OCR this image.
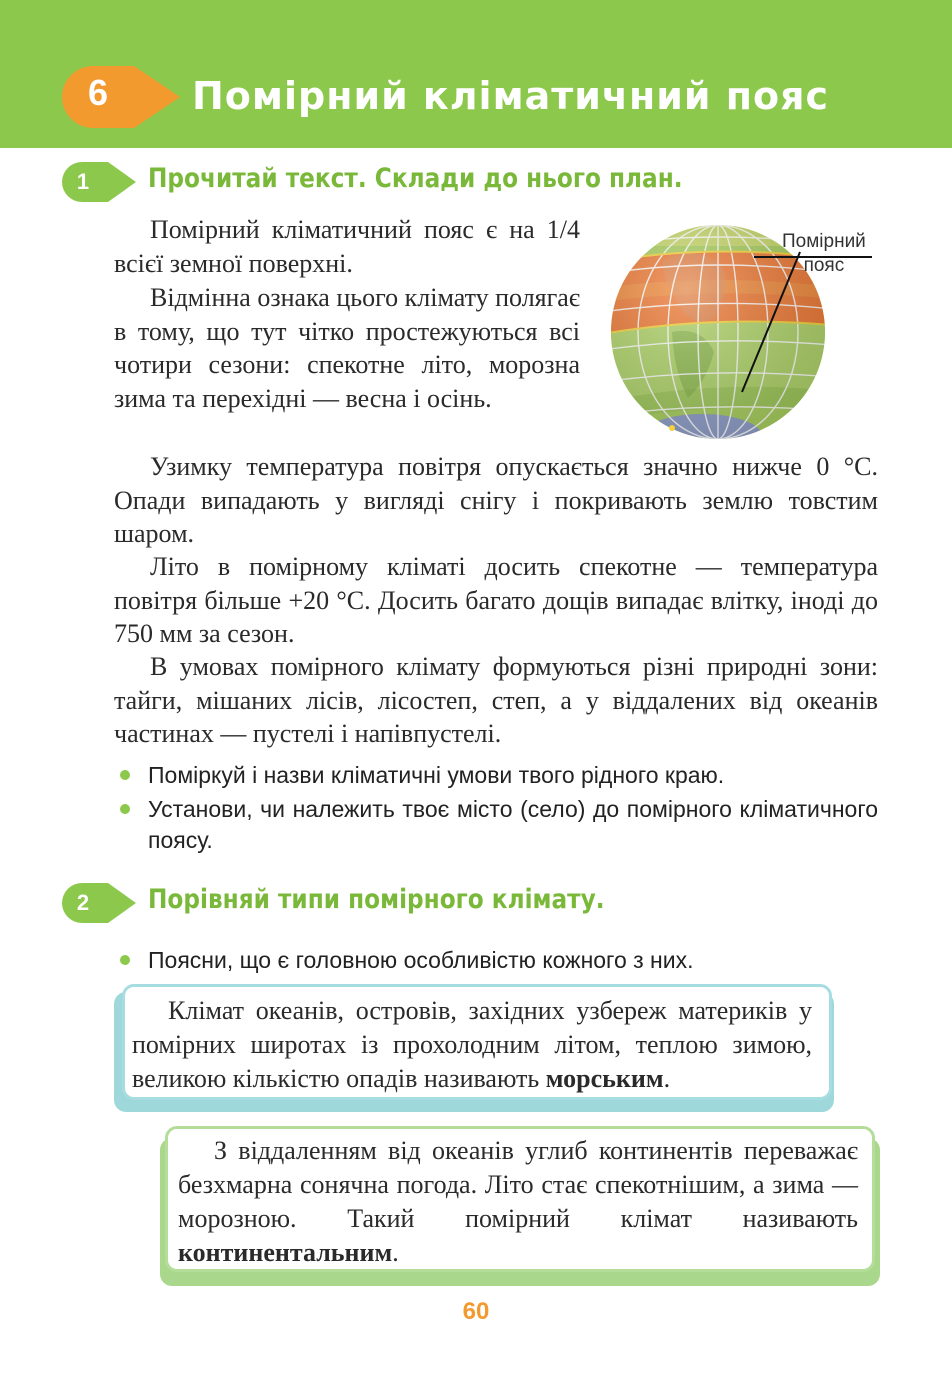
6 Помірний кліматичний пояс
1	Прочитай текст. Склади до нього план.
Помірний
пояс

Помірний кліматичний пояс є на 1/4 всієї земної поверхні.

Відмінна ознака цього клімату полягає в тому, що тут чітко простежуються всі чотири сезони: спекотне літо, морозна зима та перехідні — весна і осінь.

Узимку температура повітря опускається значно нижче 0 °C. Опади випадають у вигляді снігу і покривають землю товстим шаром.

Літо в помірному кліматі досить спекотне — температура повітря більше +20 °C. Досить багато дощів випадає влітку, іноді до 750 мм за сезон.

В умовах помірного клімату формуються різні природні зони: тайги, мішаних лісів, лісостеп, степ, а у віддалених від океанів частинах — пустелі і напівпустелі.

Поміркуй і назви кліматичні умови твого рідного краю.
Установи, чи належить твоє місто (село) до помірного кліматичного поясу.
2	Порівняй типи помірного клімату.
Поясни, що є головною особливістю кожного з них.

Клімат океанів, островів, західних узбереж материків у помірних широтах із прохолодним літом, теплою зимою, великою кількістю опадів називають морським.

З віддаленням від океанів углиб континентів переважає безхмарна сонячна погода. Літо стає спекотнішим, а зима — морозною. Такий помірний клімат називають континентальним.

60
